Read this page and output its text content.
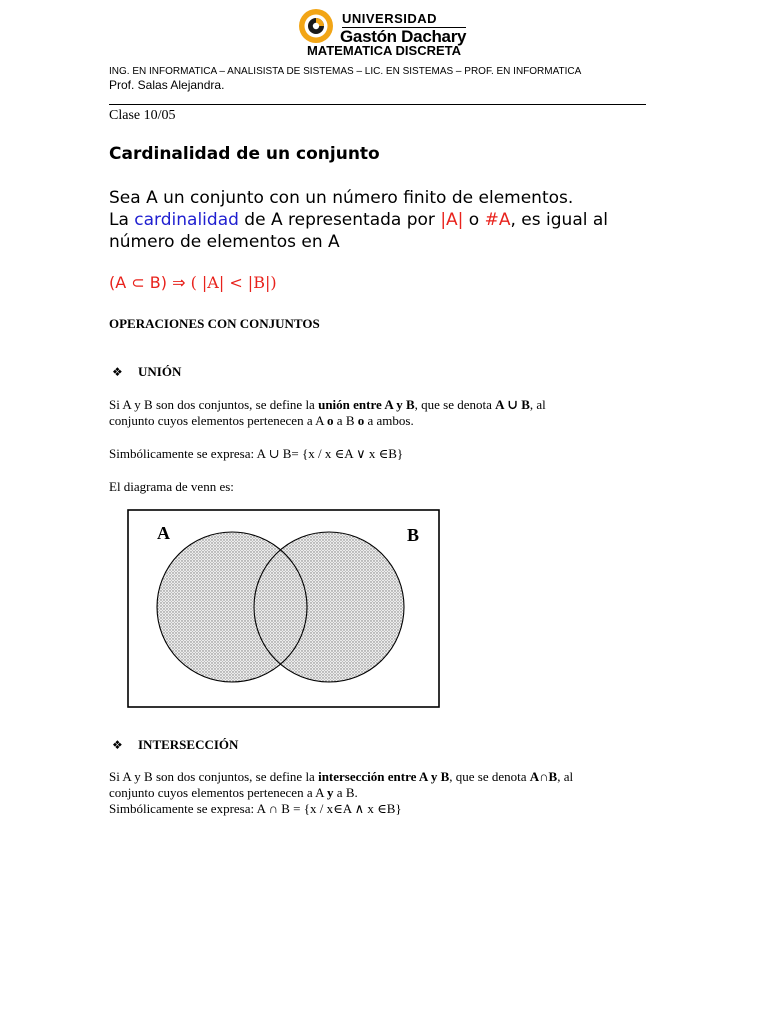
UNIVERSIDAD
Gastón Dachary
MATEMATICA DISCRETA
ING. EN INFORMATICA – ANALISISTA DE SISTEMAS – LIC. EN SISTEMAS – PROF. EN INFORMATICA
Prof. Salas Alejandra.
Clase 10/05
Cardinalidad de un conjunto
Sea A un conjunto con un número finito de elementos.
La cardinalidad de A representada por |A| o #A, es igual al
número de elementos en A
(A ⊂ B) ⇒ ( |A| < |B|)
OPERACIONES CON CONJUNTOS
❖ UNIÓN
Si A y B son dos conjuntos, se define la unión entre A y B, que se denota A ∪ B, al
conjunto cuyos elementos pertenecen a A o a B o a ambos.
Simbólicamente se expresa: A ∪ B= {x / x ∈A ∨ x ∈B}
El diagrama de venn es:
A	B
❖ INTERSECCIÓN
Si A y B son dos conjuntos, se define la intersección entre A y B, que se denota A∩B, al
conjunto cuyos elementos pertenecen a A y a B.
Simbólicamente se expresa: A ∩ B = {x / x∈A ∧ x ∈B}
